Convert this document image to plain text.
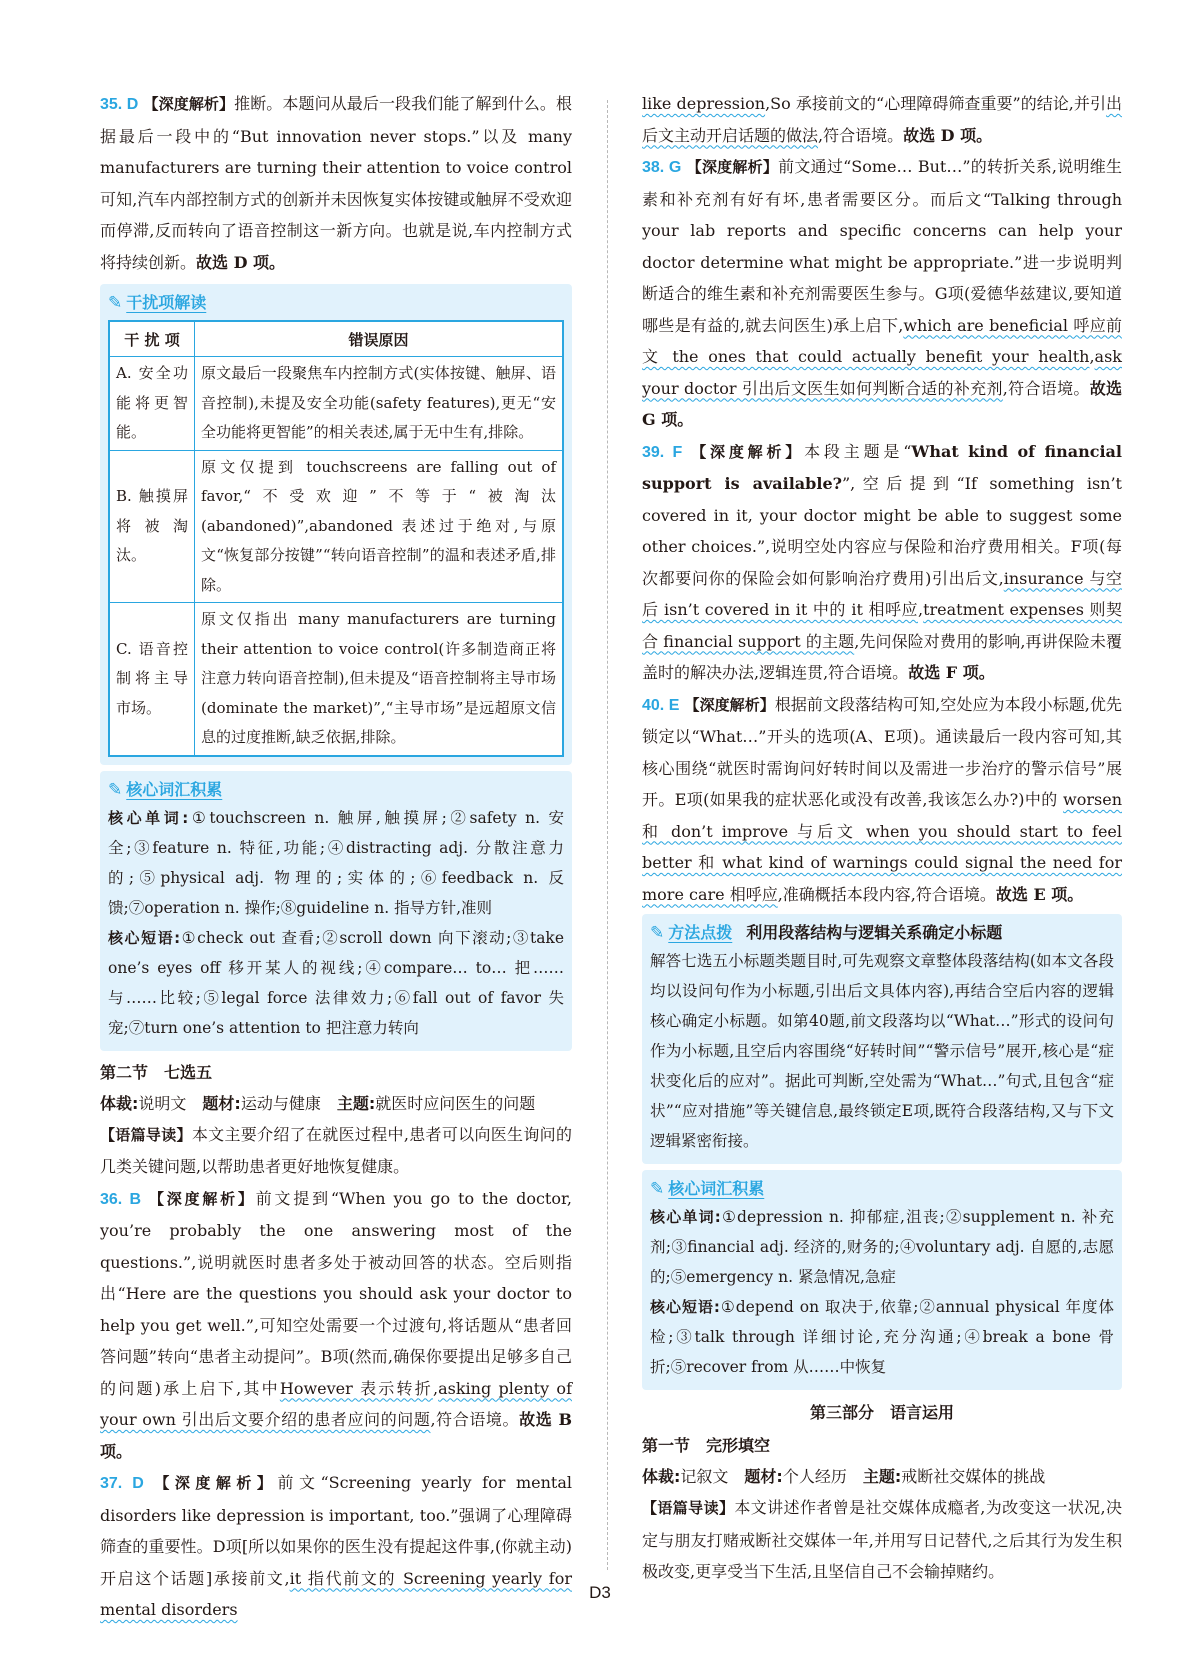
35. D 【深度解析】推断。本题问从最后一段我们能了解到什么。根据最后一段中的“But innovation never stops.”以及 many manufacturers are turning their attention to voice control 可知,汽车内部控制方式的创新并未因恢复实体按键或触屏不受欢迎而停滞,反而转向了语音控制这一新方向。也就是说,车内控制方式将持续创新。故选 D 项。
✎ 干扰项解读
干 扰 项	错误原因
A. 安全功能将更智能。	原文最后一段聚焦车内控制方式(实体按键、触屏、语音控制),未提及安全功能(safety features),更无“安全功能将更智能”的相关表述,属于无中生有,排除。
B. 触摸屏将被淘汰。	原文仅提到 touchscreens are falling out of favor,“不受欢迎”不等于“被淘汰(abandoned)”,abandoned 表述过于绝对,与原文“恢复部分按键”“转向语音控制”的温和表述矛盾,排除。
C. 语音控制将主导市场。	原文仅指出 many manufacturers are turning their attention to voice control(许多制造商正将注意力转向语音控制),但未提及“语音控制将主导市场(dominate the market)”,“主导市场”是远超原文信息的过度推断,缺乏依据,排除。
✎ 核心词汇积累
核心单词:①touchscreen n. 触屏,触摸屏;②safety n. 安全;③feature n. 特征,功能;④distracting adj. 分散注意力的;⑤physical adj. 物理的;实体的;⑥feedback n. 反馈;⑦operation n. 操作;⑧guideline n. 指导方针,准则
核心短语:①check out 查看;②scroll down 向下滚动;③take one’s eyes off 移开某人的视线;④compare… to… 把……与……比较;⑤legal force 法律效力;⑥fall out of favor 失宠;⑦turn one’s attention to 把注意力转向
第二节　七选五
体裁:说明文  题材:运动与健康  主题:就医时应问医生的问题
【语篇导读】本文主要介绍了在就医过程中,患者可以向医生询问的几类关键问题,以帮助患者更好地恢复健康。
36. B 【深度解析】前文提到“When you go to the doctor, you’re probably the one answering most of the questions.”,说明就医时患者多处于被动回答的状态。空后则指出“Here are the questions you should ask your doctor to help you get well.”,可知空处需要一个过渡句,将话题从“患者回答问题”转向“患者主动提问”。B项(然而,确保你要提出足够多自己的问题)承上启下,其中However 表示转折,asking plenty of your own 引出后文要介绍的患者应问的问题,符合语境。故选 B 项。
37. D 【深度解析】前文“Screening yearly for mental disorders like depression is important, too.”强调了心理障碍筛查的重要性。D项[所以如果你的医生没有提起这件事,(你就主动)开启这个话题]承接前文,it 指代前文的 Screening yearly for mental disorders
like depression,So 承接前文的“心理障碍筛查重要”的结论,并引出后文主动开启话题的做法,符合语境。故选 D 项。
38. G 【深度解析】前文通过“Some… But…”的转折关系,说明维生素和补充剂有好有坏,患者需要区分。而后文“Talking through your lab reports and specific concerns can help your doctor determine what might be appropriate.”进一步说明判断适合的维生素和补充剂需要医生参与。G项(爱德华兹建议,要知道哪些是有益的,就去问医生)承上启下,which are beneficial 呼应前文 the ones that could actually benefit your health,ask your doctor 引出后文医生如何判断合适的补充剂,符合语境。故选 G 项。
39. F 【深度解析】本段主题是“What kind of financial support is available?”,空后提到“If something isn’t covered in it, your doctor might be able to suggest some other choices.”,说明空处内容应与保险和治疗费用相关。F项(每次都要问你的保险会如何影响治疗费用)引出后文,insurance 与空后 isn’t covered in it 中的 it 相呼应,treatment expenses 则契合 financial support 的主题,先问保险对费用的影响,再讲保险未覆盖时的解决办法,逻辑连贯,符合语境。故选 F 项。
40. E 【深度解析】根据前文段落结构可知,空处应为本段小标题,优先锁定以“What…”开头的选项(A、E项)。通读最后一段内容可知,其核心围绕“就医时需询问好转时间以及需进一步治疗的警示信号”展开。E项(如果我的症状恶化或没有改善,我该怎么办?)中的 worsen 和 don’t improve 与后文 when you should start to feel better 和 what kind of warnings could signal the need for more care 相呼应,准确概括本段内容,符合语境。故选 E 项。
✎ 方法点拨 利用段落结构与逻辑关系确定小标题
解答七选五小标题类题目时,可先观察文章整体段落结构(如本文各段均以设问句作为小标题,引出后文具体内容),再结合空后内容的逻辑核心确定小标题。如第40题,前文段落均以“What…”形式的设问句作为小标题,且空后内容围绕“好转时间”“警示信号”展开,核心是“症状变化后的应对”。据此可判断,空处需为“What…”句式,且包含“症状”“应对措施”等关键信息,最终锁定E项,既符合段落结构,又与下文逻辑紧密衔接。
✎ 核心词汇积累
核心单词:①depression n. 抑郁症,沮丧;②supplement n. 补充剂;③financial adj. 经济的,财务的;④voluntary adj. 自愿的,志愿的;⑤emergency n. 紧急情况,急症
核心短语:①depend on 取决于,依靠;②annual physical 年度体检;③talk through 详细讨论,充分沟通;④break a bone 骨折;⑤recover from 从……中恢复
第三部分　语言运用
第一节　完形填空
体裁:记叙文  题材:个人经历  主题:戒断社交媒体的挑战
【语篇导读】本文讲述作者曾是社交媒体成瘾者,为改变这一状况,决定与朋友打赌戒断社交媒体一年,并用写日记替代,之后其行为发生积极改变,更享受当下生活,且坚信自己不会输掉赌约。
D3
